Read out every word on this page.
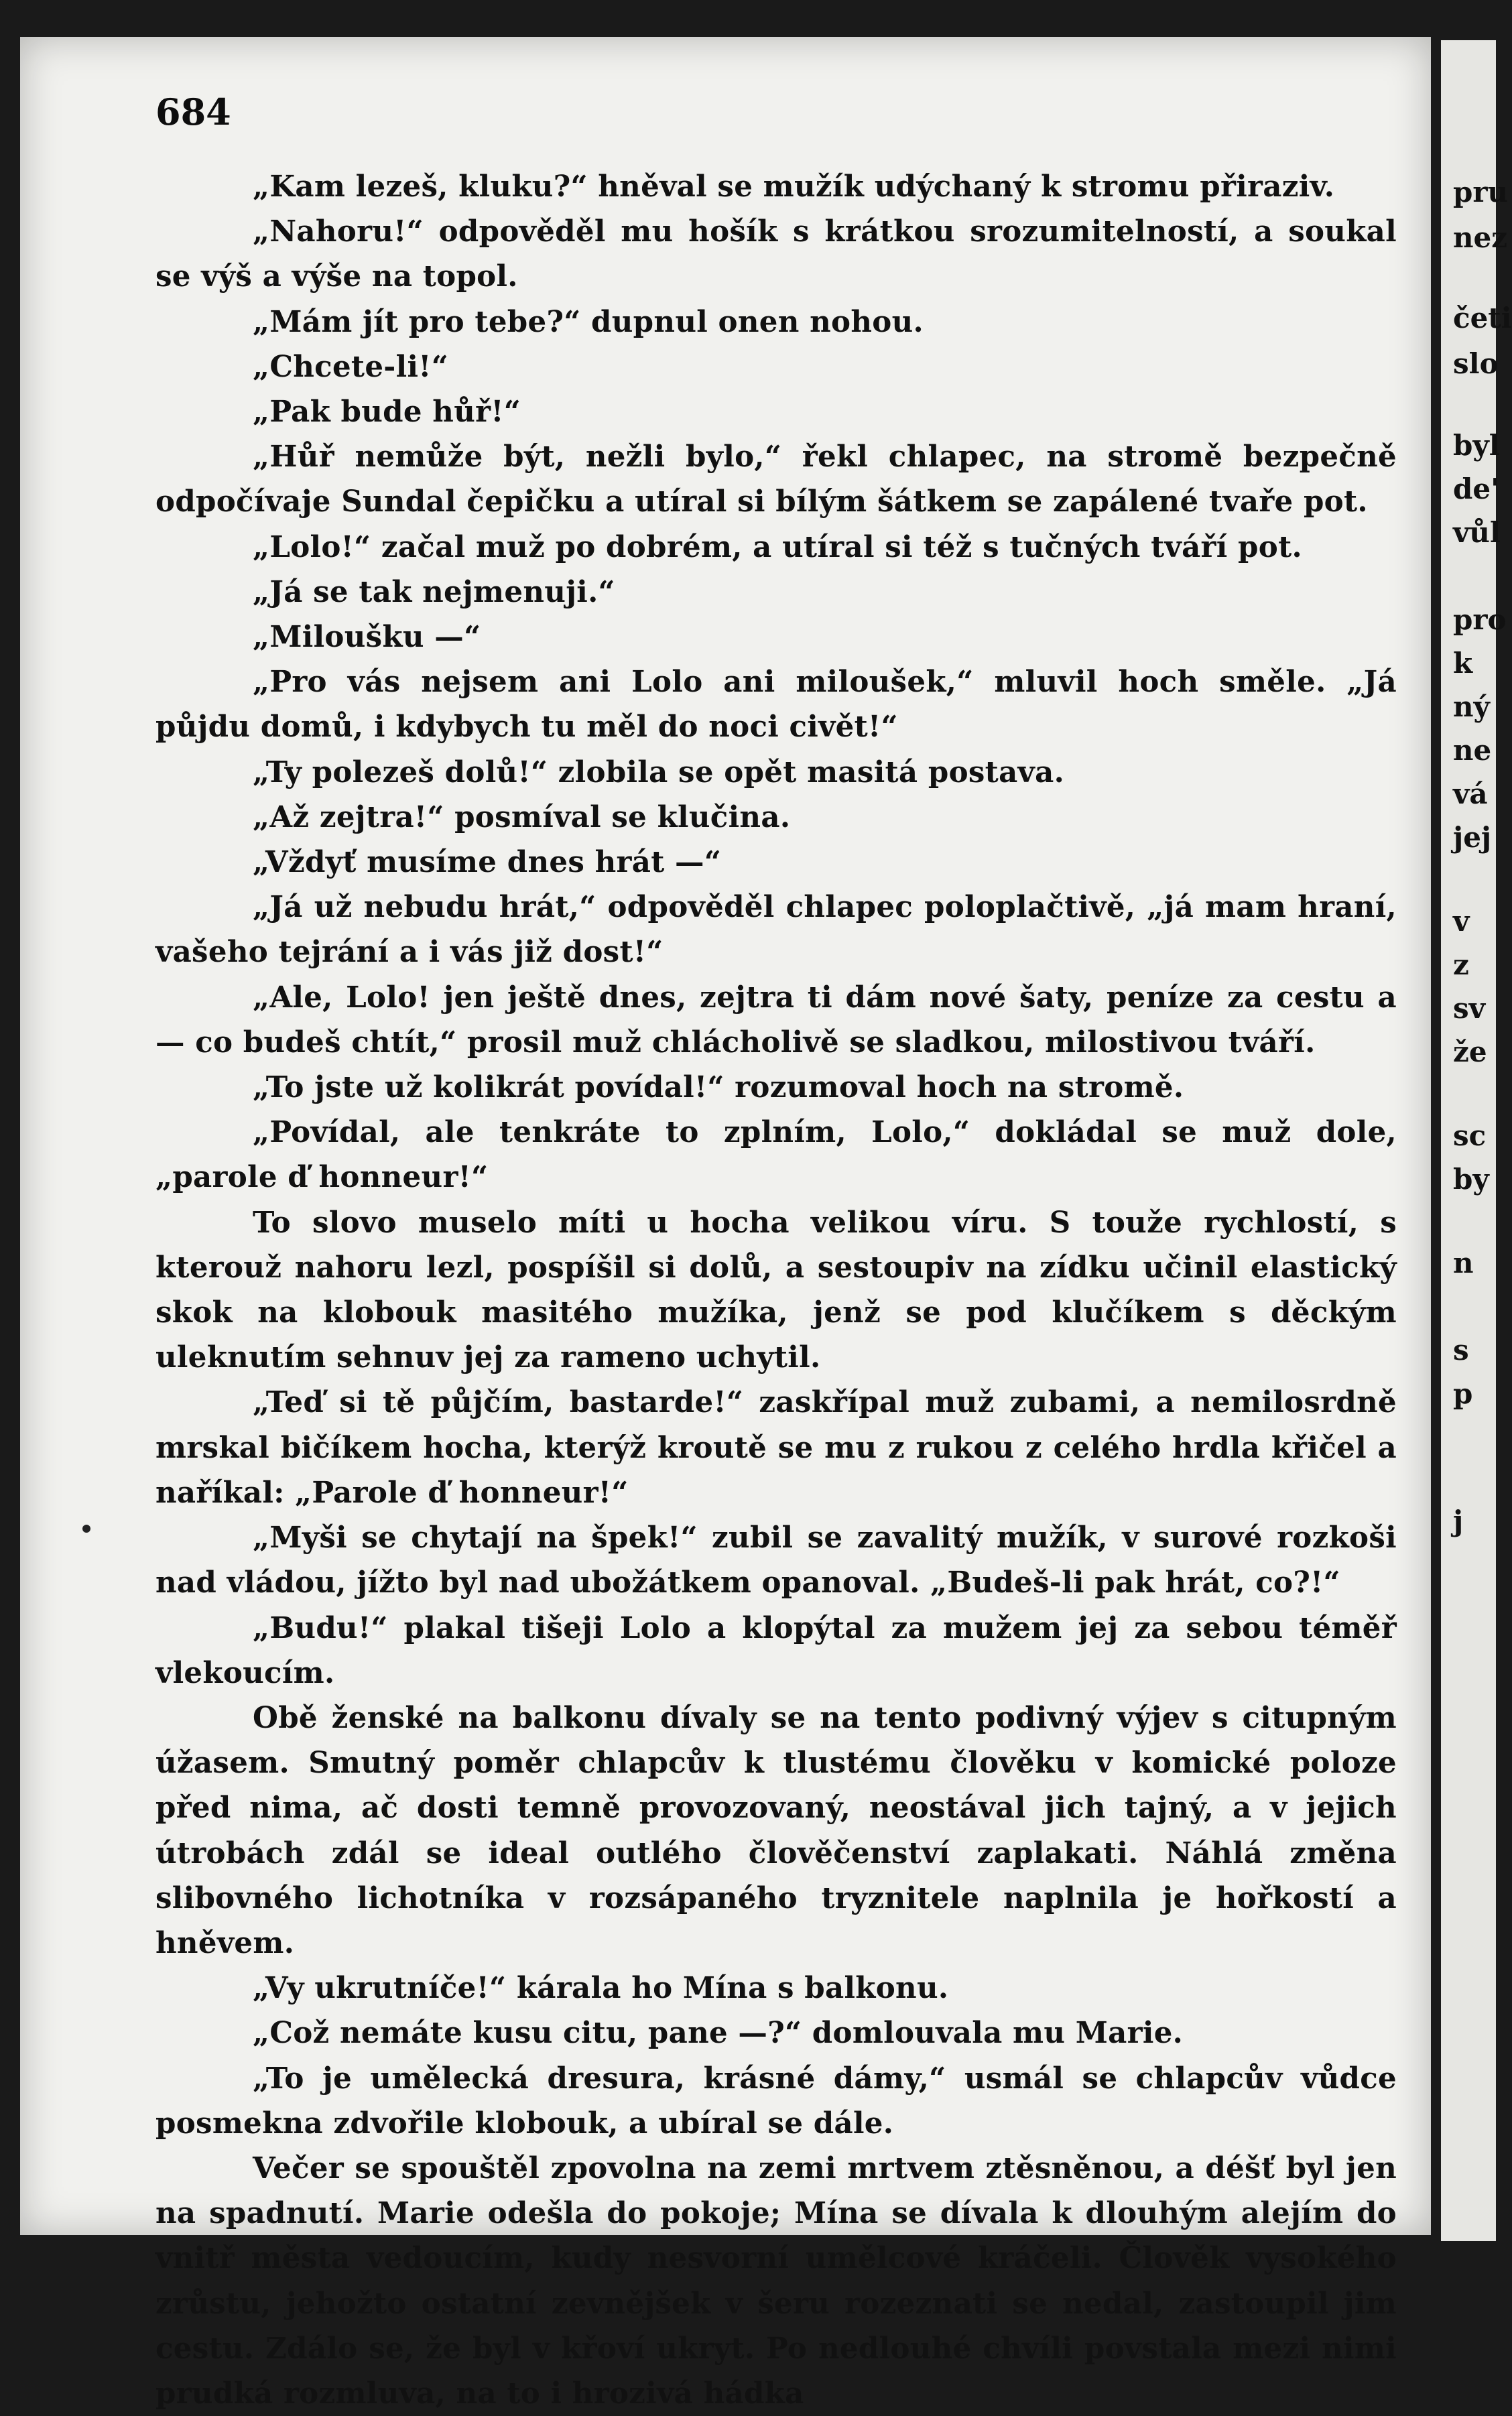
684

„Kam lezeš, kluku?“ hněval se mužík udýchaný k stromu přiraziv.

„Nahoru!“ odpověděl mu hošík s krátkou srozumitelností, a soukal se výš a výše na topol.

„Mám jít pro tebe?“ dupnul onen nohou.

„Chcete-li!“

„Pak bude hůř!“

„Hůř nemůže být, nežli bylo,“ řekl chlapec, na stromě bezpečně odpočívaje Sundal čepičku a utíral si bílým šátkem se zapálené tvaře pot.

„Lolo!“ začal muž po dobrém, a utíral si též s tučných tváří pot.

„Já se tak nejmenuji.“

„Miloušku —“

„Pro vás nejsem ani Lolo ani miloušek,“ mluvil hoch směle. „Já půjdu domů, i kdybych tu měl do noci civět!“

„Ty polezeš dolů!“ zlobila se opět masitá postava.

„Až zejtra!“ posmíval se klučina.

„Vždyť musíme dnes hrát —“

„Já už nebudu hrát,“ odpověděl chlapec poloplačtivě, „já mam hraní, vašeho tejrání a i vás již dost!“

„Ale, Lolo! jen ještě dnes, zejtra ti dám nové šaty, peníze za cestu a — co budeš chtít,“ prosil muž chlácholivě se sladkou, milostivou tváří.

„To jste už kolikrát povídal!“ rozumoval hoch na stromě.

„Povídal, ale tenkráte to zplním, Lolo,“ dokládal se muž dole, „parole ď honneur!“

To slovo muselo míti u hocha velikou víru. S touže rychlostí, s kterouž nahoru lezl, pospíšil si dolů, a sestoupiv na zídku učinil elastický skok na klobouk masitého mužíka, jenž se pod klučíkem s děckým uleknutím sehnuv jej za rameno uchytil.

„Teď si tě půjčím, bastarde!“ zaskřípal muž zubami, a nemilosrdně mrskal bičíkem hocha, kterýž kroutě se mu z rukou z celého hrdla křičel a naříkal: „Parole ď honneur!“

„Myši se chytají na špek!“ zubil se zavalitý mužík, v surové rozkoši nad vládou, jížto byl nad ubožátkem opanoval. „Budeš-li pak hrát, co?!“

„Budu!“ plakal tišeji Lolo a klopýtal za mužem jej za sebou téměř vlekoucím.

Obě ženské na balkonu dívaly se na tento podivný výjev s citupným úžasem. Smutný poměr chlapcův k tlustému člověku v komické poloze před nima, ač dosti temně provozovaný, neostával jich tajný, a v jejich útrobách zdál se ideal outlého člověčenství zaplakati. Náhlá změna slibovného lichotníka v rozsápaného tryznitele naplnila je hořkostí a hněvem.

„Vy ukrutníče!“ kárala ho Mína s balkonu.

„Což nemáte kusu citu, pane —?“ domlouvala mu Marie.

„To je umělecká dresura, krásné dámy,“ usmál se chlapcův vůdce posmekna zdvořile klobouk, a ubíral se dále.

Večer se spouštěl zpovolna na zemi mrtvem ztěsněnou, a déšť byl jen na spadnutí. Marie odešla do pokoje; Mína se dívala k dlouhým alejím do vnitř města vedoucím, kudy nesvorní umělcové kráčeli. Člověk vysokého zrůstu, jehožto ostatní zevnějšek v šeru rozeznati se nedal, zastoupil jim cestu. Zdálo se, že byl v křoví ukryt. Po nedlouhé chvíli povstala mezi nimi prudká rozmluva, na to i hrozivá hádka

pru
nez
četi
slo
byl
de'
vůl
pro
k
ný
ne
vá
jej
v
z
sv
že
sc
by
n
s
p
j
